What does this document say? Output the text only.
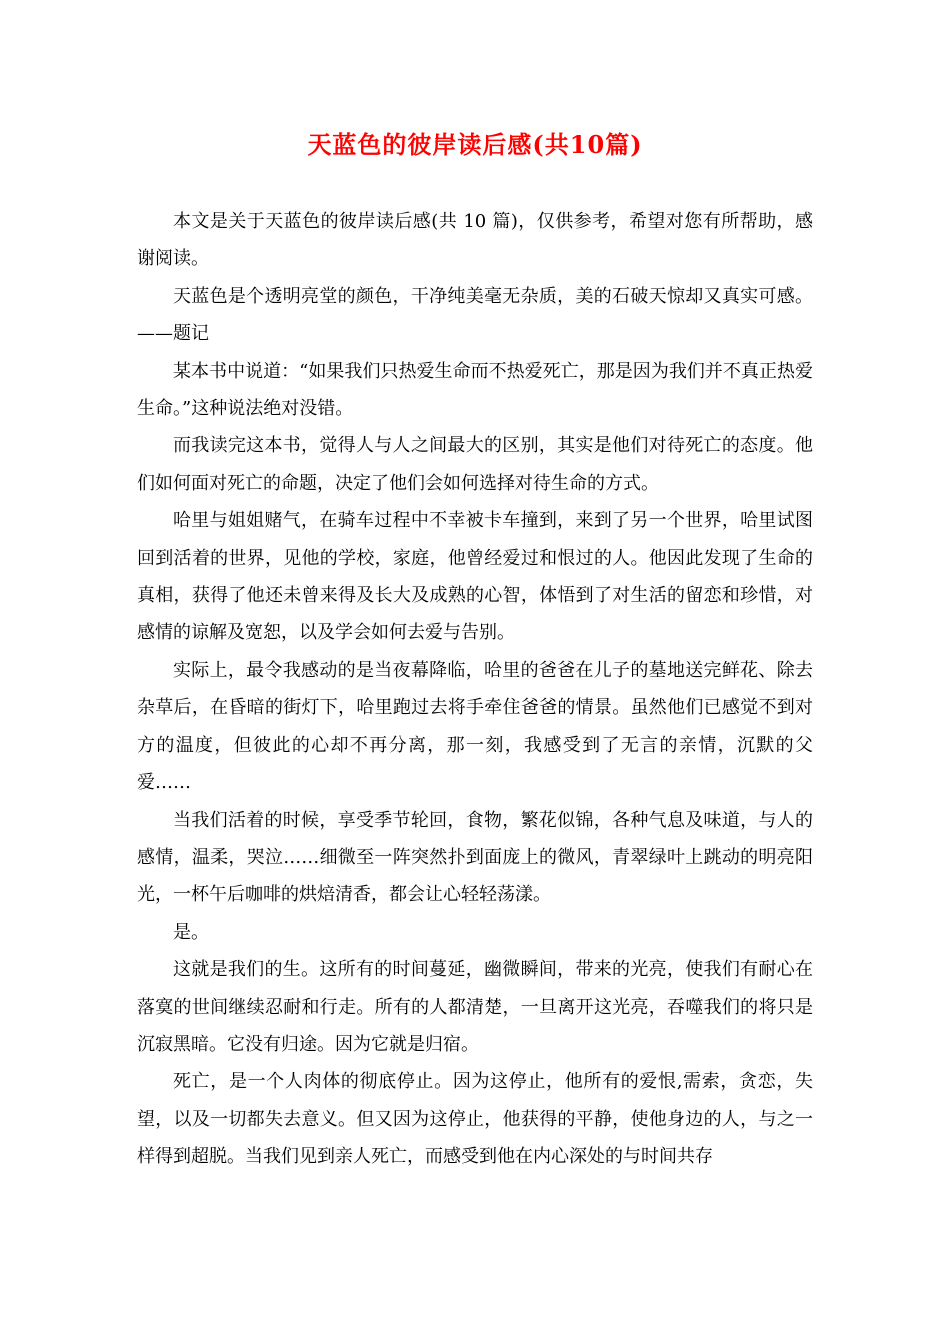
天蓝色的彼岸读后感(共10篇)

本文是关于天蓝色的彼岸读后感(共 10 篇)，仅供参考，希望对您有所帮助，感谢阅读。

天蓝色是个透明亮堂的颜色，干净纯美毫无杂质，美的石破天惊却又真实可感。——题记

某本书中说道：“如果我们只热爱生命而不热爱死亡，那是因为我们并不真正热爱生命。”这种说法绝对没错。

而我读完这本书，觉得人与人之间最大的区别，其实是他们对待死亡的态度。他们如何面对死亡的命题，决定了他们会如何选择对待生命的方式。

哈里与姐姐赌气，在骑车过程中不幸被卡车撞到，来到了另一个世界，哈里试图回到活着的世界，见他的学校，家庭，他曾经爱过和恨过的人。他因此发现了生命的真相，获得了他还未曾来得及长大及成熟的心智，体悟到了对生活的留恋和珍惜，对感情的谅解及宽恕，以及学会如何去爱与告别。

实际上，最令我感动的是当夜幕降临，哈里的爸爸在儿子的墓地送完鲜花、除去杂草后，在昏暗的街灯下，哈里跑过去将手牵住爸爸的情景。虽然他们已感觉不到对方的温度，但彼此的心却不再分离，那一刻，我感受到了无言的亲情，沉默的父爱……

当我们活着的时候，享受季节轮回，食物，繁花似锦，各种气息及味道，与人的感情，温柔，哭泣……细微至一阵突然扑到面庞上的微风，青翠绿叶上跳动的明亮阳光，一杯午后咖啡的烘焙清香，都会让心轻轻荡漾。

是。

这就是我们的生。这所有的时间蔓延，幽微瞬间，带来的光亮，使我们有耐心在落寞的世间继续忍耐和行走。所有的人都清楚，一旦离开这光亮，吞噬我们的将只是沉寂黑暗。它没有归途。因为它就是归宿。

死亡，是一个人肉体的彻底停止。因为这停止，他所有的爱恨,需索，贪恋，失望，以及一切都失去意义。但又因为这停止，他获得的平静，使他身边的人，与之一样得到超脱。当我们见到亲人死亡，而感受到他在内心深处的与时间共存
